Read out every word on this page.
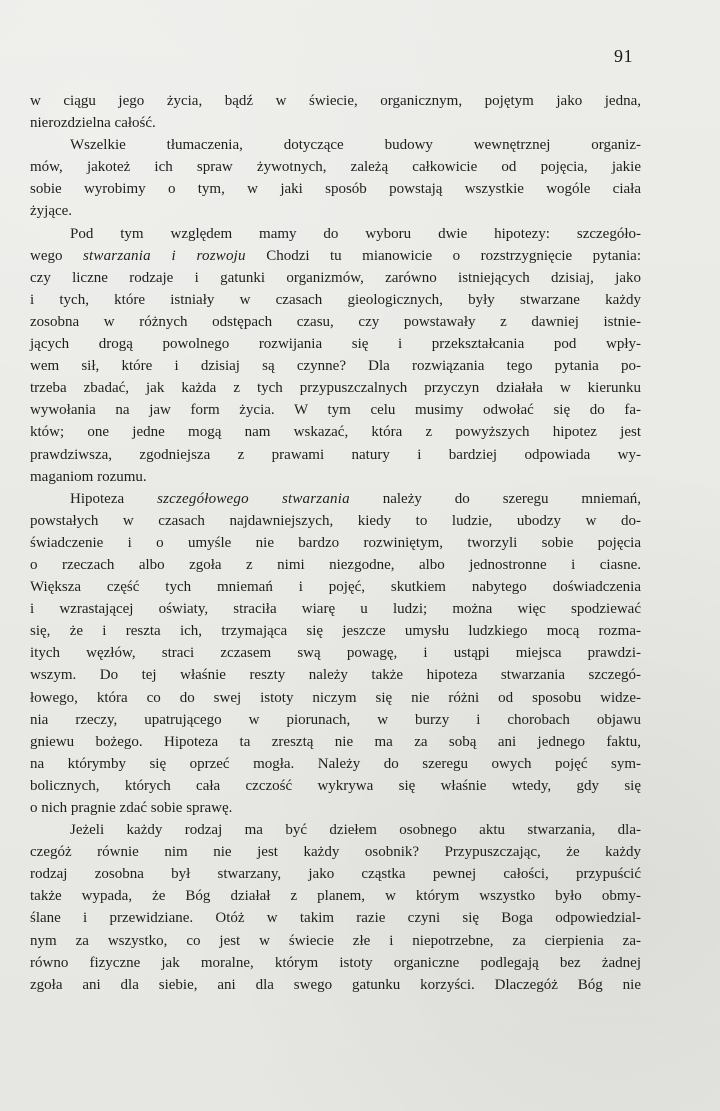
91
w ciągu jego życia, bądź w świecie, organicznym, pojętym jako jedna,
nierozdzielna całość.
Wszelkie tłumaczenia, dotyczące budowy wewnętrznej organiz-
mów, jakoteż ich spraw żywotnych, zależą całkowicie od pojęcia, jakie
sobie wyrobimy o tym, w jaki sposób powstają wszystkie wogóle ciała
żyjące.
Pod tym względem mamy do wyboru dwie hipotezy: szczegóło-
wego stwarzania i rozwoju Chodzi tu mianowicie o rozstrzygnięcie pytania:
czy liczne rodzaje i gatunki organizmów, zarówno istniejących dzisiaj, jako
i tych, które istniały w czasach gieologicznych, były stwarzane każdy
zosobna w różnych odstępach czasu, czy powstawały z dawniej istnie-
jących drogą powolnego rozwijania się i przekształcania pod wpły-
wem sił, które i dzisiaj są czynne? Dla rozwiązania tego pytania po-
trzeba zbadać, jak każda z tych przypuszczalnych przyczyn działała w kierunku
wywołania na jaw form życia. W tym celu musimy odwołać się do fa-
któw; one jedne mogą nam wskazać, która z powyższych hipotez jest
prawdziwsza, zgodniejsza z prawami natury i bardziej odpowiada wy-
maganiom rozumu.
Hipoteza szczegółowego stwarzania należy do szeregu mniemań,
powstałych w czasach najdawniejszych, kiedy to ludzie, ubodzy w do-
świadczenie i o umyśle nie bardzo rozwiniętym, tworzyli sobie pojęcia
o rzeczach albo zgoła z nimi niezgodne, albo jednostronne i ciasne.
Większa część tych mniemań i pojęć, skutkiem nabytego doświadczenia
i wzrastającej oświaty, straciła wiarę u ludzi; można więc spodziewać
się, że i reszta ich, trzymająca się jeszcze umysłu ludzkiego mocą rozma-
itych węzłów, straci zczasem swą powagę, i ustąpi miejsca prawdzi-
wszym. Do tej właśnie reszty należy także hipoteza stwarzania szczegó-
łowego, która co do swej istoty niczym się nie różni od sposobu widze-
nia rzeczy, upatrującego w piorunach, w burzy i chorobach objawu
gniewu bożego. Hipoteza ta zresztą nie ma za sobą ani jednego faktu,
na którymby się oprzeć mogła. Należy do szeregu owych pojęć sym-
bolicznych, których cała czczość wykrywa się właśnie wtedy, gdy się
o nich pragnie zdać sobie sprawę.
Jeżeli każdy rodzaj ma być dziełem osobnego aktu stwarzania, dla-
czegóż równie nim nie jest każdy osobnik? Przypuszczając, że każdy
rodzaj zosobna był stwarzany, jako cząstka pewnej całości, przypuścić
także wypada, że Bóg działał z planem, w którym wszystko było obmy-
ślane i przewidziane. Otóż w takim razie czyni się Boga odpowiedzial-
nym za wszystko, co jest w świecie złe i niepotrzebne, za cierpienia za-
równo fizyczne jak moralne, którym istoty organiczne podlegają bez żadnej
zgoła ani dla siebie, ani dla swego gatunku korzyści. Dlaczegóż Bóg nie
